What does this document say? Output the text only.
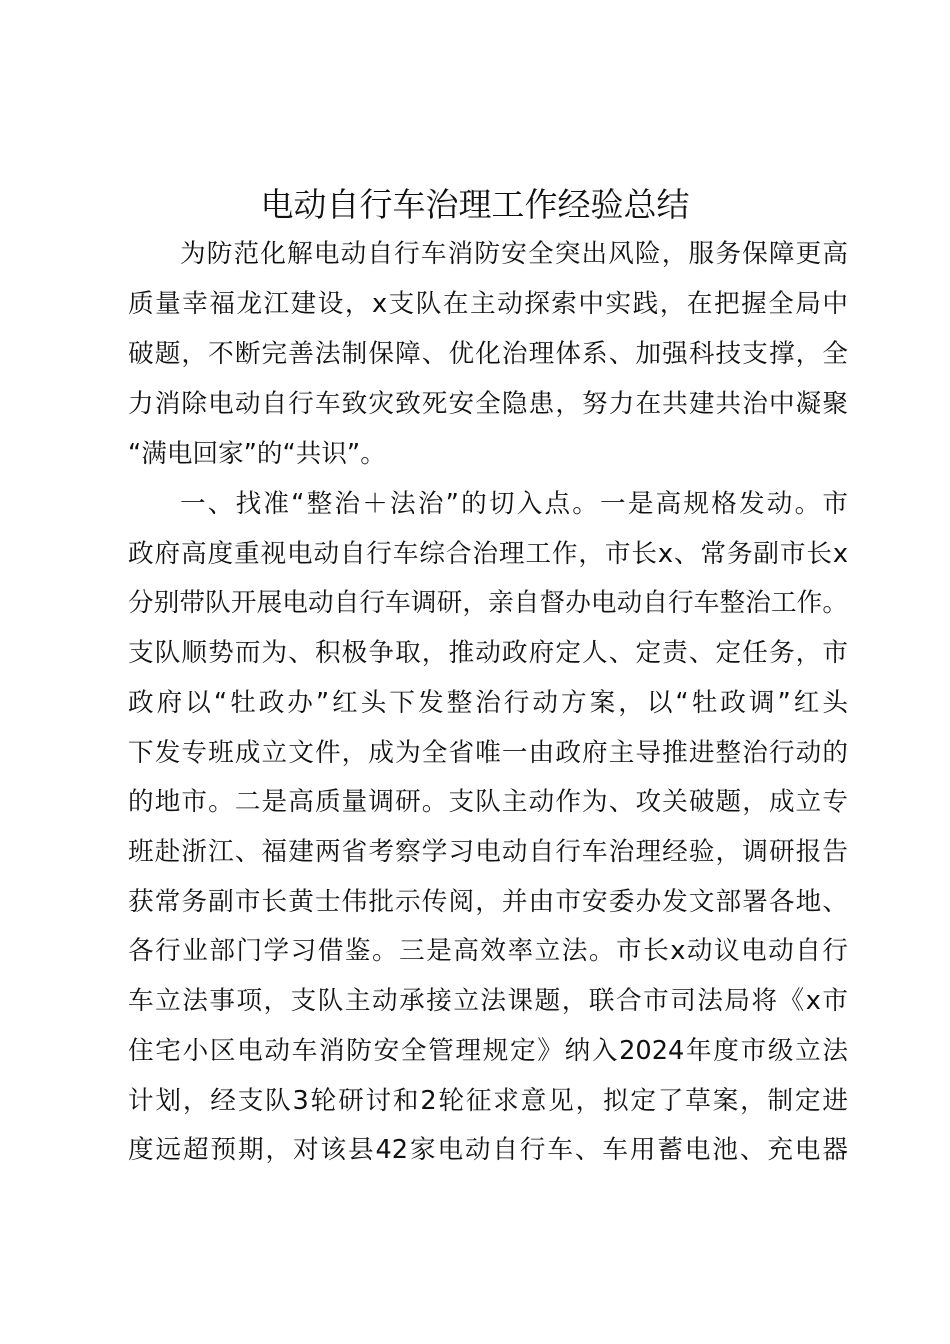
电动自行车治理工作经验总结
为防范化解电动自行车消防安全突出风险，服务保障更高
质量幸福龙江建设，x支队在主动探索中实践，在把握全局中
破题，不断完善法制保障、优化治理体系、加强科技支撑，全
力消除电动自行车致灾致死安全隐患，努力在共建共治中凝聚
“满电回家”的“共识”。
一、找准“整治＋法治”的切入点。一是高规格发动。市
政府高度重视电动自行车综合治理工作，市长x、常务副市长x
分别带队开展电动自行车调研，亲自督办电动自行车整治工作。
支队顺势而为、积极争取，推动政府定人、定责、定任务，市
政府以“牡政办”红头下发整治行动方案，以“牡政调”红头
下发专班成立文件，成为全省唯一由政府主导推进整治行动的
的地市。二是高质量调研。支队主动作为、攻关破题，成立专
班赴浙江、福建两省考察学习电动自行车治理经验，调研报告
获常务副市长黄士伟批示传阅，并由市安委办发文部署各地、
各行业部门学习借鉴。三是高效率立法。市长x动议电动自行
车立法事项，支队主动承接立法课题，联合市司法局将《x市
住宅小区电动车消防安全管理规定》纳入2024年度市级立法
计划，经支队3轮研讨和2轮征求意见，拟定了草案，制定进
度远超预期，对该县42家电动自行车、车用蓄电池、充电器
